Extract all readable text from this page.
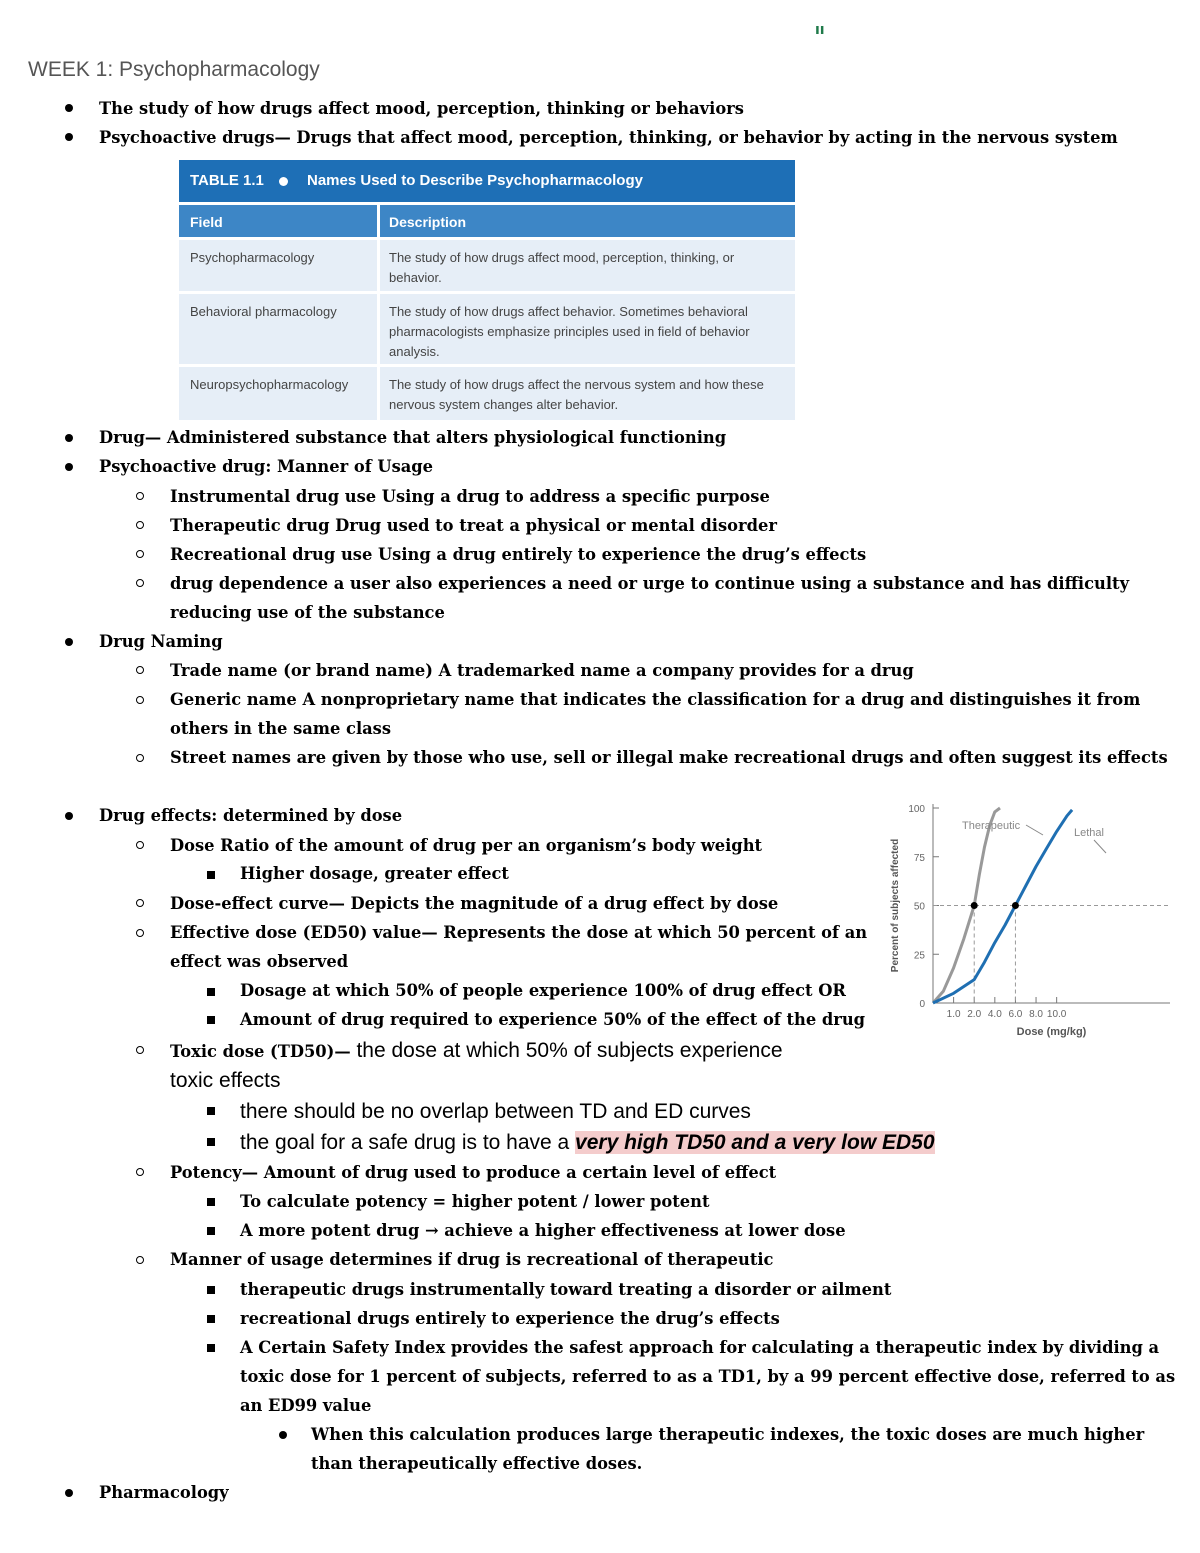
ıı
WEEK 1: Psychopharmacology
The study of how drugs affect mood, perception, thinking or behaviors
Psychoactive drugs— Drugs that affect mood, perception, thinking, or behavior by acting in the nervous system
TABLE 1.1	Names Used to Describe Psychopharmacology
Field	Description
Psychopharmacology	The study of how drugs affect mood, perception, thinking, or behavior.
Behavioral pharmacology	The study of how drugs affect behavior. Sometimes behavioral pharmacologists emphasize principles used in field of behavior analysis.
Neuropsychopharmacology	The study of how drugs affect the nervous system and how these nervous system changes alter behavior.
Drug— Administered substance that alters physiological functioning
Psychoactive drug: Manner of Usage
Instrumental drug use Using a drug to address a specific purpose
Therapeutic drug Drug used to treat a physical or mental disorder
Recreational drug use Using a drug entirely to experience the drug’s effects
drug dependence a user also experiences a need or urge to continue using a substance and has difficulty
reducing use of the substance
Drug Naming
Trade name (or brand name) A trademarked name a company provides for a drug
Generic name A nonproprietary name that indicates the classification for a drug and distinguishes it from
others in the same class
Street names are given by those who use, sell or illegal make recreational drugs and often suggest its effects
Drug effects: determined by dose
Dose Ratio of the amount of drug per an organism’s body weight
Higher dosage, greater effect
Dose-effect curve— Depicts the magnitude of a drug effect by dose
Effective dose (ED50) value— Represents the dose at which 50 percent of an
effect was observed
Dosage at which 50% of people experience 100% of drug effect OR
Amount of drug required to experience 50% of the effect of the drug
Toxic dose (TD50)— the dose at which 50% of subjects experience
toxic effects
there should be no overlap between TD and ED curves
the goal for a safe drug is to have a very high TD50 and a very low ED50
Potency— Amount of drug used to produce a certain level of effect
To calculate potency = higher potent / lower potent
A more potent drug → achieve a higher effectiveness at lower dose
Manner of usage determines if drug is recreational of therapeutic
therapeutic drugs instrumentally toward treating a disorder or ailment
recreational drugs entirely to experience the drug’s effects
A Certain Safety Index provides the safest approach for calculating a therapeutic index by dividing a
toxic dose for 1 percent of subjects, referred to as a TD1, by a 99 percent effective dose, referred to as
an ED99 value
When this calculation produces large therapeutic indexes, the toxic doses are much higher
than therapeutically effective doses.
Pharmacology
0
25
50
75
100
1.0 2.0 4.0 6.0 8.0 10.0
Dose (mg/kg)
Percent of subjects affected
Therapeutic
Lethal
